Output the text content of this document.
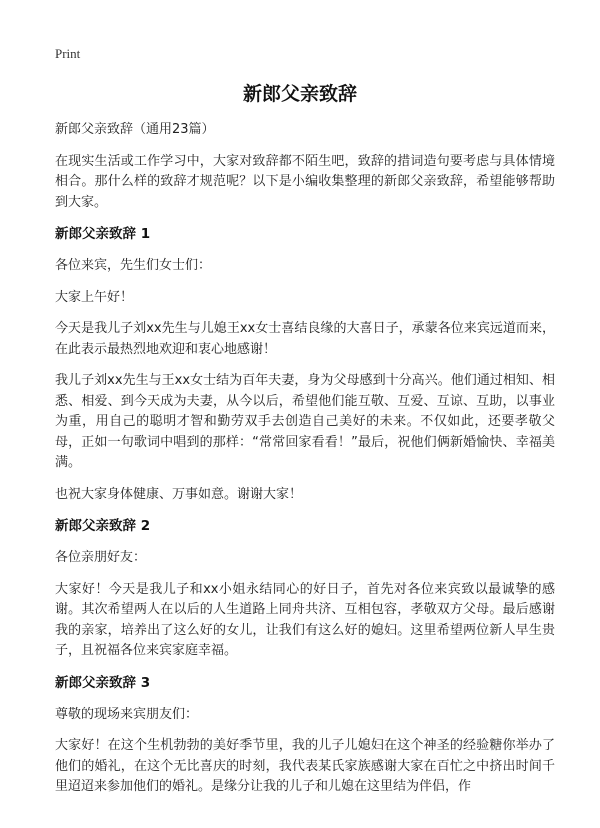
Print
新郎父亲致辞

新郎父亲致辞（通用23篇）

在现实生活或工作学习中，大家对致辞都不陌生吧，致辞的措词造句要考虑与具体情境相合。那什么样的致辞才规范呢？以下是小编收集整理的新郎父亲致辞，希望能够帮助到大家。

新郎父亲致辞 1

各位来宾，先生们女士们：

大家上午好！

今天是我儿子刘xx先生与儿媳王xx女士喜结良缘的大喜日子，承蒙各位来宾远道而来，在此表示最热烈地欢迎和衷心地感谢！

我儿子刘xx先生与王xx女士结为百年夫妻，身为父母感到十分高兴。他们通过相知、相悉、相爱、到今天成为夫妻，从今以后，希望他们能互敬、互爱、互谅、互助，以事业为重，用自己的聪明才智和勤劳双手去创造自己美好的未来。不仅如此，还要孝敬父母，正如一句歌词中唱到的那样：“常常回家看看！”最后，祝他们俩新婚愉快、幸福美满。

也祝大家身体健康、万事如意。谢谢大家！

新郎父亲致辞 2

各位亲朋好友：

大家好！今天是我儿子和xx小姐永结同心的好日子，首先对各位来宾致以最诚挚的感谢。其次希望两人在以后的人生道路上同舟共济、互相包容，孝敬双方父母。最后感谢我的亲家，培养出了这么好的女儿，让我们有这么好的媳妇。这里希望两位新人早生贵子，且祝福各位来宾家庭幸福。

新郎父亲致辞 3

尊敬的现场来宾朋友们：

大家好！在这个生机勃勃的美好季节里，我的儿子儿媳妇在这个神圣的经验糖你举办了他们的婚礼，在这个无比喜庆的时刻，我代表某氏家族感谢大家在百忙之中挤出时间千里迢迢来参加他们的婚礼。是缘分让我的儿子和儿媳在这里结为伴侣，作
